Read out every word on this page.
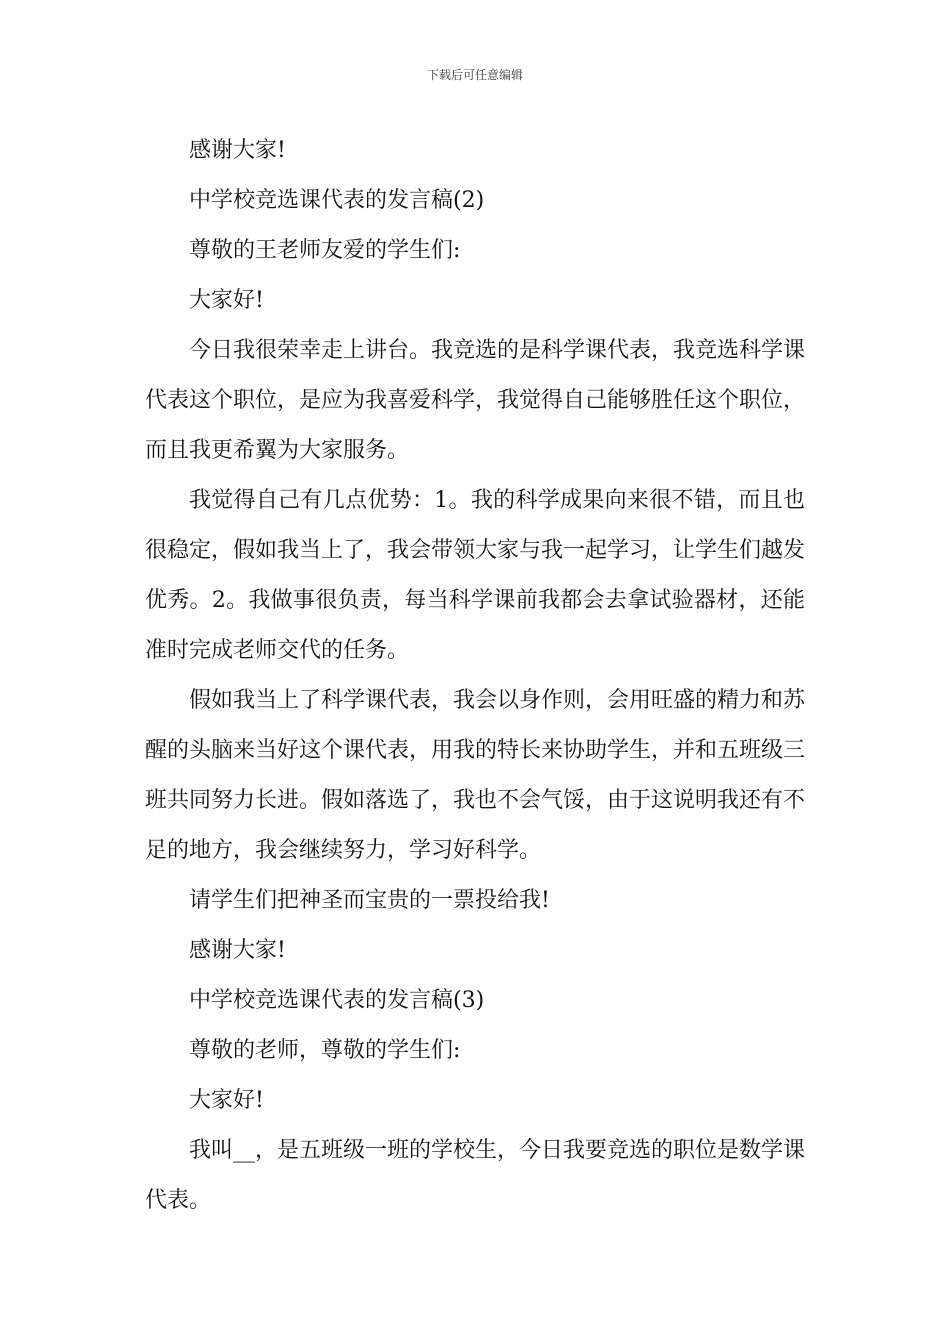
下载后可任意编辑

感谢大家!

中学校竞选课代表的发言稿(2)

尊敬的王老师友爱的学生们:

大家好!

今日我很荣幸走上讲台。我竞选的是科学课代表，我竞选科学课代表这个职位，是应为我喜爱科学，我觉得自己能够胜任这个职位，而且我更希翼为大家服务。

我觉得自己有几点优势：1。我的科学成果向来很不错，而且也很稳定，假如我当上了，我会带领大家与我一起学习，让学生们越发优秀。2。我做事很负责，每当科学课前我都会去拿试验器材，还能准时完成老师交代的任务。

假如我当上了科学课代表，我会以身作则，会用旺盛的精力和苏醒的头脑来当好这个课代表，用我的特长来协助学生，并和五班级三班共同努力长进。假如落选了，我也不会气馁，由于这说明我还有不足的地方，我会继续努力，学习好科学。

请学生们把神圣而宝贵的一票投给我!

感谢大家!

中学校竞选课代表的发言稿(3)

尊敬的老师，尊敬的学生们:

大家好!

我叫__，是五班级一班的学校生，今日我要竞选的职位是数学课代表。
